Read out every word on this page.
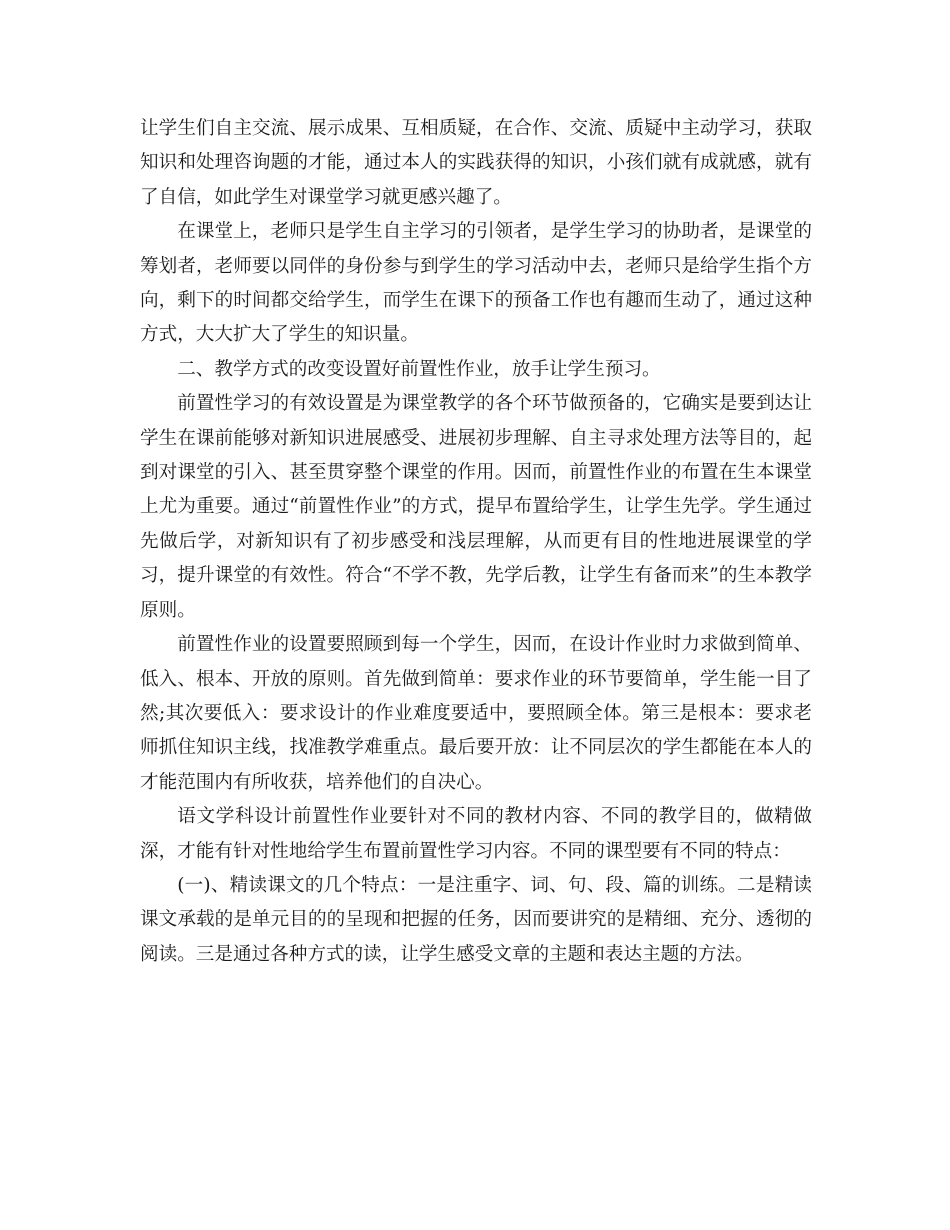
让学生们自主交流、展示成果、互相质疑，在合作、交流、质疑中主动学习，获取知识和处理咨询题的才能，通过本人的实践获得的知识，小孩们就有成就感，就有了自信，如此学生对课堂学习就更感兴趣了。

在课堂上，老师只是学生自主学习的引领者，是学生学习的协助者，是课堂的筹划者，老师要以同伴的身份参与到学生的学习活动中去，老师只是给学生指个方向，剩下的时间都交给学生，而学生在课下的预备工作也有趣而生动了，通过这种方式，大大扩大了学生的知识量。

二、教学方式的改变设置好前置性作业，放手让学生预习。

前置性学习的有效设置是为课堂教学的各个环节做预备的，它确实是要到达让学生在课前能够对新知识进展感受、进展初步理解、自主寻求处理方法等目的，起到对课堂的引入、甚至贯穿整个课堂的作用。因而，前置性作业的布置在生本课堂上尤为重要。通过“前置性作业”的方式，提早布置给学生，让学生先学。学生通过先做后学，对新知识有了初步感受和浅层理解，从而更有目的性地进展课堂的学习，提升课堂的有效性。符合“不学不教，先学后教，让学生有备而来”的生本教学原则。

前置性作业的设置要照顾到每一个学生，因而，在设计作业时力求做到简单、低入、根本、开放的原则。首先做到简单：要求作业的环节要简单，学生能一目了然;其次要低入：要求设计的作业难度要适中，要照顾全体。第三是根本：要求老师抓住知识主线，找准教学难重点。最后要开放：让不同层次的学生都能在本人的才能范围内有所收获，培养他们的自决心。

语文学科设计前置性作业要针对不同的教材内容、不同的教学目的，做精做深，才能有针对性地给学生布置前置性学习内容。不同的课型要有不同的特点：

(一)、精读课文的几个特点：一是注重字、词、句、段、篇的训练。二是精读课文承载的是单元目的的呈现和把握的任务，因而要讲究的是精细、充分、透彻的阅读。三是通过各种方式的读，让学生感受文章的主题和表达主题的方法。
